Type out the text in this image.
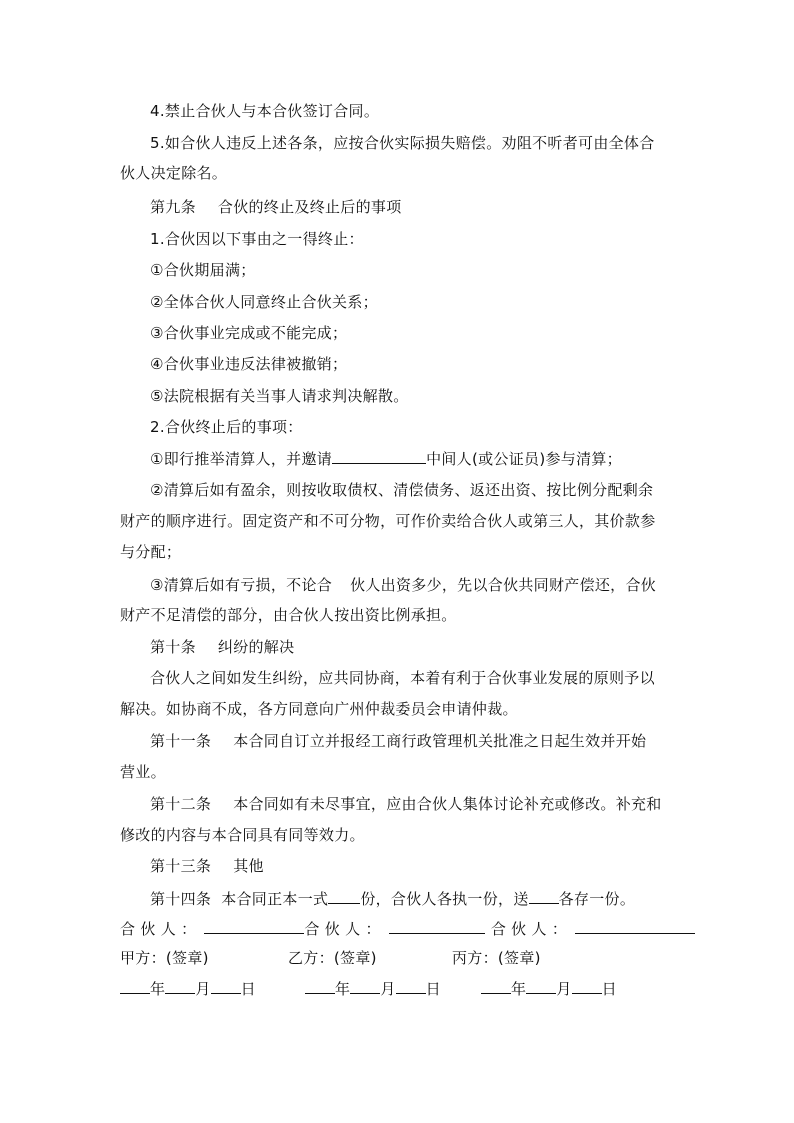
4.禁止合伙人与本合伙签订合同。
5.如合伙人违反上述各条，应按合伙实际损失赔偿。劝阻不听者可由全体合
伙人决定除名。
第九条 合伙的终止及终止后的事项
1.合伙因以下事由之一得终止：
①合伙期届满；
②全体合伙人同意终止合伙关系；
③合伙事业完成或不能完成；
④合伙事业违反法律被撤销；
⑤法院根据有关当事人请求判决解散。
2.合伙终止后的事项：
①即行推举清算人，并邀请	中间人(或公证员)参与清算；
②清算后如有盈余，则按收取债权、清偿债务、返还出资、按比例分配剩余
财产的顺序进行。固定资产和不可分物，可作价卖给合伙人或第三人，其价款参
与分配；
③清算后如有亏损，不论合 伙人出资多少，先以合伙共同财产偿还，合伙
财产不足清偿的部分，由合伙人按出资比例承担。
第十条 纠纷的解决
合伙人之间如发生纠纷，应共同协商，本着有利于合伙事业发展的原则予以
解决。如协商不成，各方同意向广州仲裁委员会申请仲裁。
第十一条 本合同自订立并报经工商行政管理机关批准之日起生效并开始
营业。
第十二条 本合同如有未尽事宜，应由合伙人集体讨论补充或修改。补充和
修改的内容与本合同具有同等效力。
第十三条 其他
第十四条 本合同正本一式 份，合伙人各执一份，送 各存一份。
合 伙 人 ：	合 伙 人 ：	合 伙 人 ：
甲方：(签章)	乙方：(签章)	丙方：(签章)
年 月 日	年 月 日	年 月 日
